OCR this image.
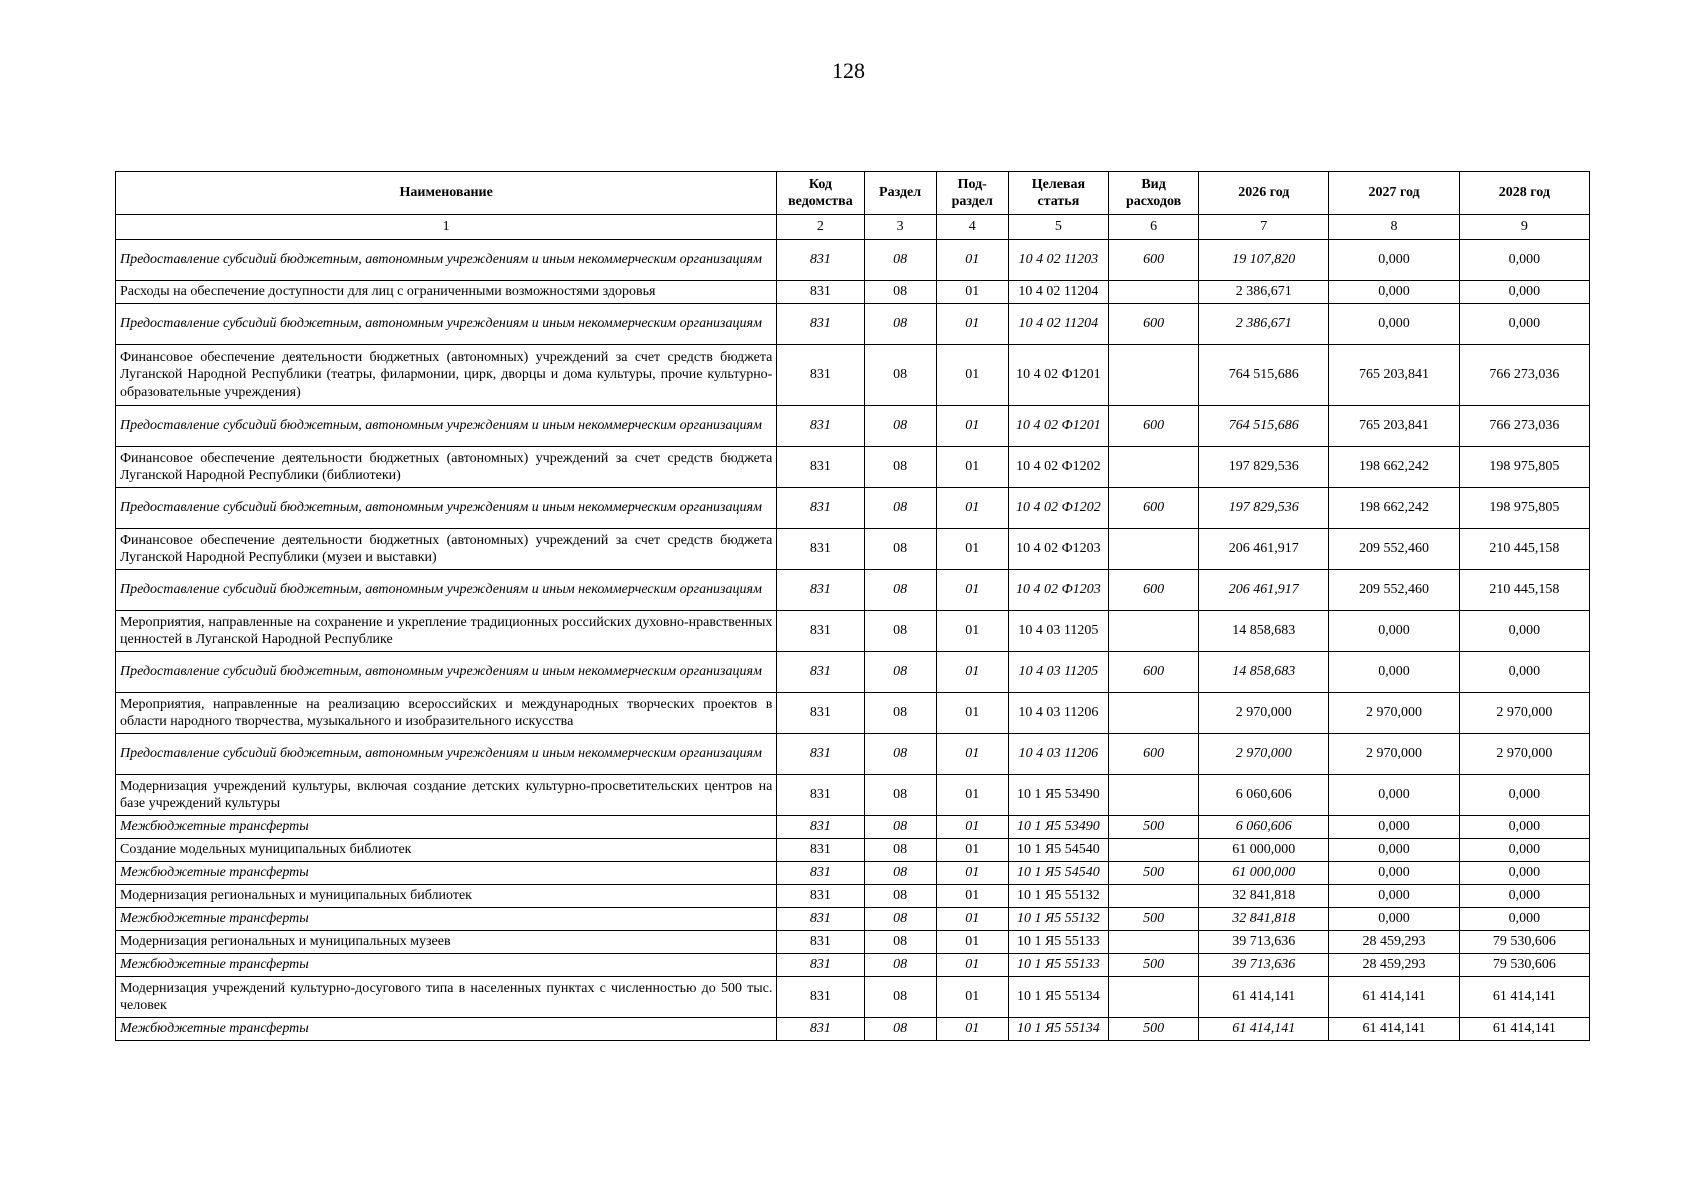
128
Наименование	Код ведомства	Раздел	Под-раздел	Целевая статья	Вид расходов	2026 год	2027 год	2028 год
1	2	3	4	5	6	7	8	9
Предоставление субсидий бюджетным, автономным учреждениям и иным некоммерческим организациям	831	08	01	10 4 02 11203	600	19 107,820	0,000	0,000
Расходы на обеспечение доступности для лиц с ограниченными возможностями здоровья	831	08	01	10 4 02 11204		2 386,671	0,000	0,000
Предоставление субсидий бюджетным, автономным учреждениям и иным некоммерческим организациям	831	08	01	10 4 02 11204	600	2 386,671	0,000	0,000
Финансовое обеспечение деятельности бюджетных (автономных) учреждений за счет средств бюджета Луганской Народной Республики (театры, филармонии, цирк, дворцы и дома культуры, прочие культурно-образовательные учреждения)	831	08	01	10 4 02 Ф1201		764 515,686	765 203,841	766 273,036
Предоставление субсидий бюджетным, автономным учреждениям и иным некоммерческим организациям	831	08	01	10 4 02 Ф1201	600	764 515,686	765 203,841	766 273,036
Финансовое обеспечение деятельности бюджетных (автономных) учреждений за счет средств бюджета Луганской Народной Республики (библиотеки)	831	08	01	10 4 02 Ф1202		197 829,536	198 662,242	198 975,805
Предоставление субсидий бюджетным, автономным учреждениям и иным некоммерческим организациям	831	08	01	10 4 02 Ф1202	600	197 829,536	198 662,242	198 975,805
Финансовое обеспечение деятельности бюджетных (автономных) учреждений за счет средств бюджета Луганской Народной Республики (музеи и выставки)	831	08	01	10 4 02 Ф1203		206 461,917	209 552,460	210 445,158
Предоставление субсидий бюджетным, автономным учреждениям и иным некоммерческим организациям	831	08	01	10 4 02 Ф1203	600	206 461,917	209 552,460	210 445,158
Мероприятия, направленные на сохранение и укрепление традиционных российских духовно-нравственных ценностей в Луганской Народной Республике	831	08	01	10 4 03 11205		14 858,683	0,000	0,000
Предоставление субсидий бюджетным, автономным учреждениям и иным некоммерческим организациям	831	08	01	10 4 03 11205	600	14 858,683	0,000	0,000
Мероприятия, направленные на реализацию всероссийских и международных творческих проектов в области народного творчества, музыкального и изобразительного искусства	831	08	01	10 4 03 11206		2 970,000	2 970,000	2 970,000
Предоставление субсидий бюджетным, автономным учреждениям и иным некоммерческим организациям	831	08	01	10 4 03 11206	600	2 970,000	2 970,000	2 970,000
Модернизация учреждений культуры, включая создание детских культурно-просветительских центров на базе учреждений культуры	831	08	01	10 1 Я5 53490		6 060,606	0,000	0,000
Межбюджетные трансферты	831	08	01	10 1 Я5 53490	500	6 060,606	0,000	0,000
Создание модельных муниципальных библиотек	831	08	01	10 1 Я5 54540		61 000,000	0,000	0,000
Межбюджетные трансферты	831	08	01	10 1 Я5 54540	500	61 000,000	0,000	0,000
Модернизация региональных и муниципальных библиотек	831	08	01	10 1 Я5 55132		32 841,818	0,000	0,000
Межбюджетные трансферты	831	08	01	10 1 Я5 55132	500	32 841,818	0,000	0,000
Модернизация региональных и муниципальных музеев	831	08	01	10 1 Я5 55133		39 713,636	28 459,293	79 530,606
Межбюджетные трансферты	831	08	01	10 1 Я5 55133	500	39 713,636	28 459,293	79 530,606
Модернизация учреждений культурно-досугового типа в населенных пунктах с численностью до 500 тыс. человек	831	08	01	10 1 Я5 55134		61 414,141	61 414,141	61 414,141
Межбюджетные трансферты	831	08	01	10 1 Я5 55134	500	61 414,141	61 414,141	61 414,141
